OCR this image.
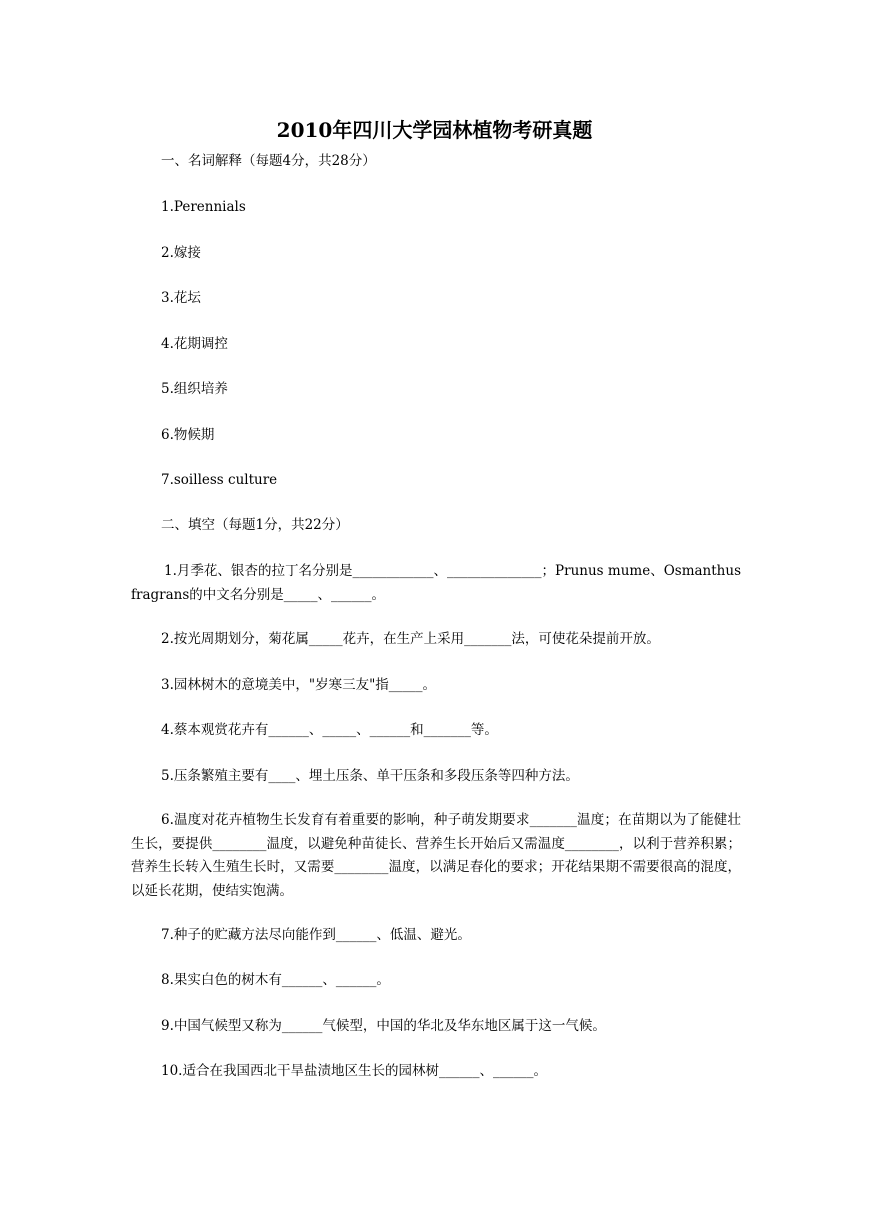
2010年四川大学园林植物考研真题
一、名词解释（每题4分，共28分）
1.Perennials
2.嫁接
3.花坛
4.花期调控
5.组织培养
6.物候期
7.soilless culture
二、填空（每题1分，共22分）
1.月季花、银杏的拉丁名分别是____________、______________；Prunus mume、Osmanthus fragrans的中文名分别是_____、______。
2.按光周期划分，菊花属_____花卉，在生产上采用_______法，可使花朵提前开放。
3.园林树木的意境美中，"岁寒三友"指_____。
4.蔡本观赏花卉有______、_____、______和_______等。
5.压条繁殖主要有____、埋土压条、单干压条和多段压条等四种方法。
6.温度对花卉植物生长发育有着重要的影响，种子萌发期要求_______温度；在苗期以为了能健壮生长，要提供________温度，以避免种苗徒长、营养生长开始后又需温度________，以利于营养积累；营养生长转入生殖生长时，又需要________温度，以满足春化的要求；开花结果期不需要很高的混度，以延长花期，使结实饱满。
7.种子的贮藏方法尽向能作到______、低温、避光。
8.果实白色的树木有______、______。
9.中国气候型又称为______气候型，中国的华北及华东地区属于这一气候。
10.适合在我国西北干旱盐渍地区生长的园林树______、______。
